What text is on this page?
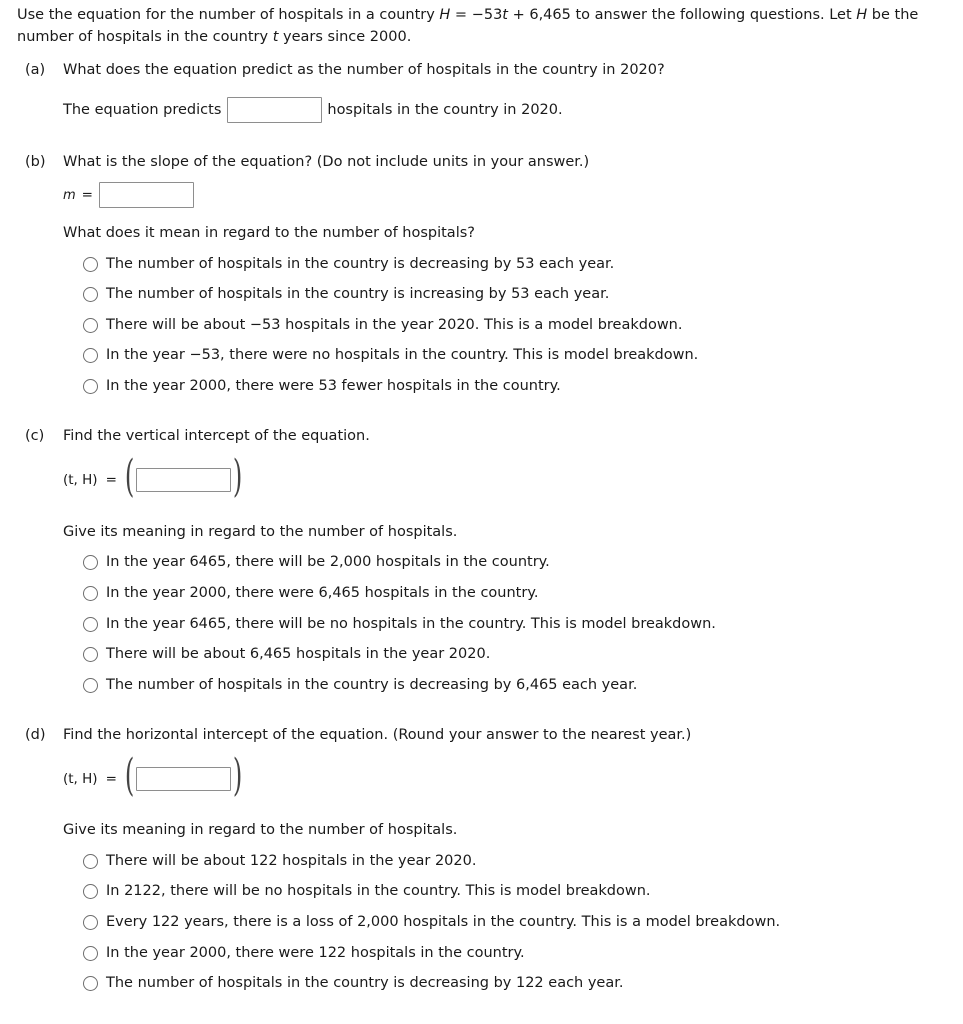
Use the equation for the number of hospitals in a country H = −53t + 6,465 to answer the following questions. Let H be the number of hospitals in the country t years since 2000.
(a) What does the equation predict as the number of hospitals in the country in 2020?
The equation predicts	hospitals in the country in 2020.
(b) What is the slope of the equation? (Do not include units in your answer.)
m =
What does it mean in regard to the number of hospitals?
The number of hospitals in the country is decreasing by 53 each year.
The number of hospitals in the country is increasing by 53 each year.
There will be about −53 hospitals in the year 2020. This is a model breakdown.
In the year −53, there were no hospitals in the country. This is model breakdown.
In the year 2000, there were 53 fewer hospitals in the country.
(c) Find the vertical intercept of the equation.
(t, H) = ( )
Give its meaning in regard to the number of hospitals.
In the year 6465, there will be 2,000 hospitals in the country.
In the year 2000, there were 6,465 hospitals in the country.
In the year 6465, there will be no hospitals in the country. This is model breakdown.
There will be about 6,465 hospitals in the year 2020.
The number of hospitals in the country is decreasing by 6,465 each year.
(d) Find the horizontal intercept of the equation. (Round your answer to the nearest year.)
(t, H) = ( )
Give its meaning in regard to the number of hospitals.
There will be about 122 hospitals in the year 2020.
In 2122, there will be no hospitals in the country. This is model breakdown.
Every 122 years, there is a loss of 2,000 hospitals in the country. This is a model breakdown.
In the year 2000, there were 122 hospitals in the country.
The number of hospitals in the country is decreasing by 122 each year.
